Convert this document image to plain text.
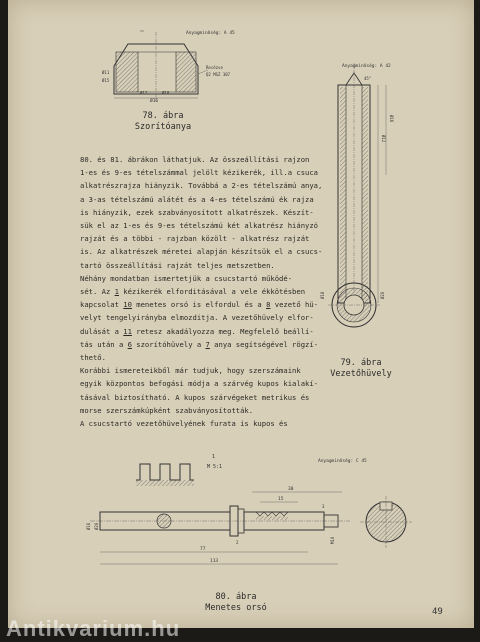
Anyagminőség: A 45
Ø16
Ø12	Ø18
Ø11
Ø15
Recézve
Q2 MSZ 307
78. ábra
Szorítóanya
Anyagminőség: A 42
45°
Ø12
Ø16
Ø18	Ø20
79. ábra
Vezetőhüvely

80. és 81. ábrákon láthatjuk. Az összeállítási rajzon
1-es és 9-es tételszámmal jelölt kézikerék, ill.a csuca
alkatrészrajza hiányzik. Továbbá a 2-es tételszámú anya,
a 3-as tételszámú alátét és a 4-es tételszámú ék rajza
is hiányzik, ezek szabványosított alkatrészek. Készít-
sük el az 1-es és 9-es tételszámú két alkatrész hiányzó
rajzát és a többi - rajzban közölt - alkatrész rajzát
is. Az alkatrészek méretei alapján készítsük el a csucs-
tartó összeállítási rajzát teljes metszetben.
Néhány mondatban ismertetjük a csucstartó működé-
sét. Az 1 kézikerék elforditásával a vele ékkötésben
kapcsolat 10 menetes orsó is elfordul és a 8 vezető hü-
velyt tengelyirányba elmozditja. A vezetőhüvely elfor-
dulását a 11 retesz akadályozza meg. Megfelelő beállí-
tás után a 6 szorítóhüvely a 7 anya segítségével rögzí-
thető.
Korábbi ismereteikből már tudjuk, hogy szerszámaink
egyik központos befogási módja a szárvég kupos kialakí-
tásával biztosítható. A kupos szárvégeket metrikus és
morse szerszámkúpként szabványosították.
A csucstartó vezetőhüvelyének furata is kupos és

1
M 5:1
Anyagminőség: C 45
30
15
Ø16 Ø20
M10
77
113
3
2
80. ábra
Menetes orsó	49
Antikvarium.hu
